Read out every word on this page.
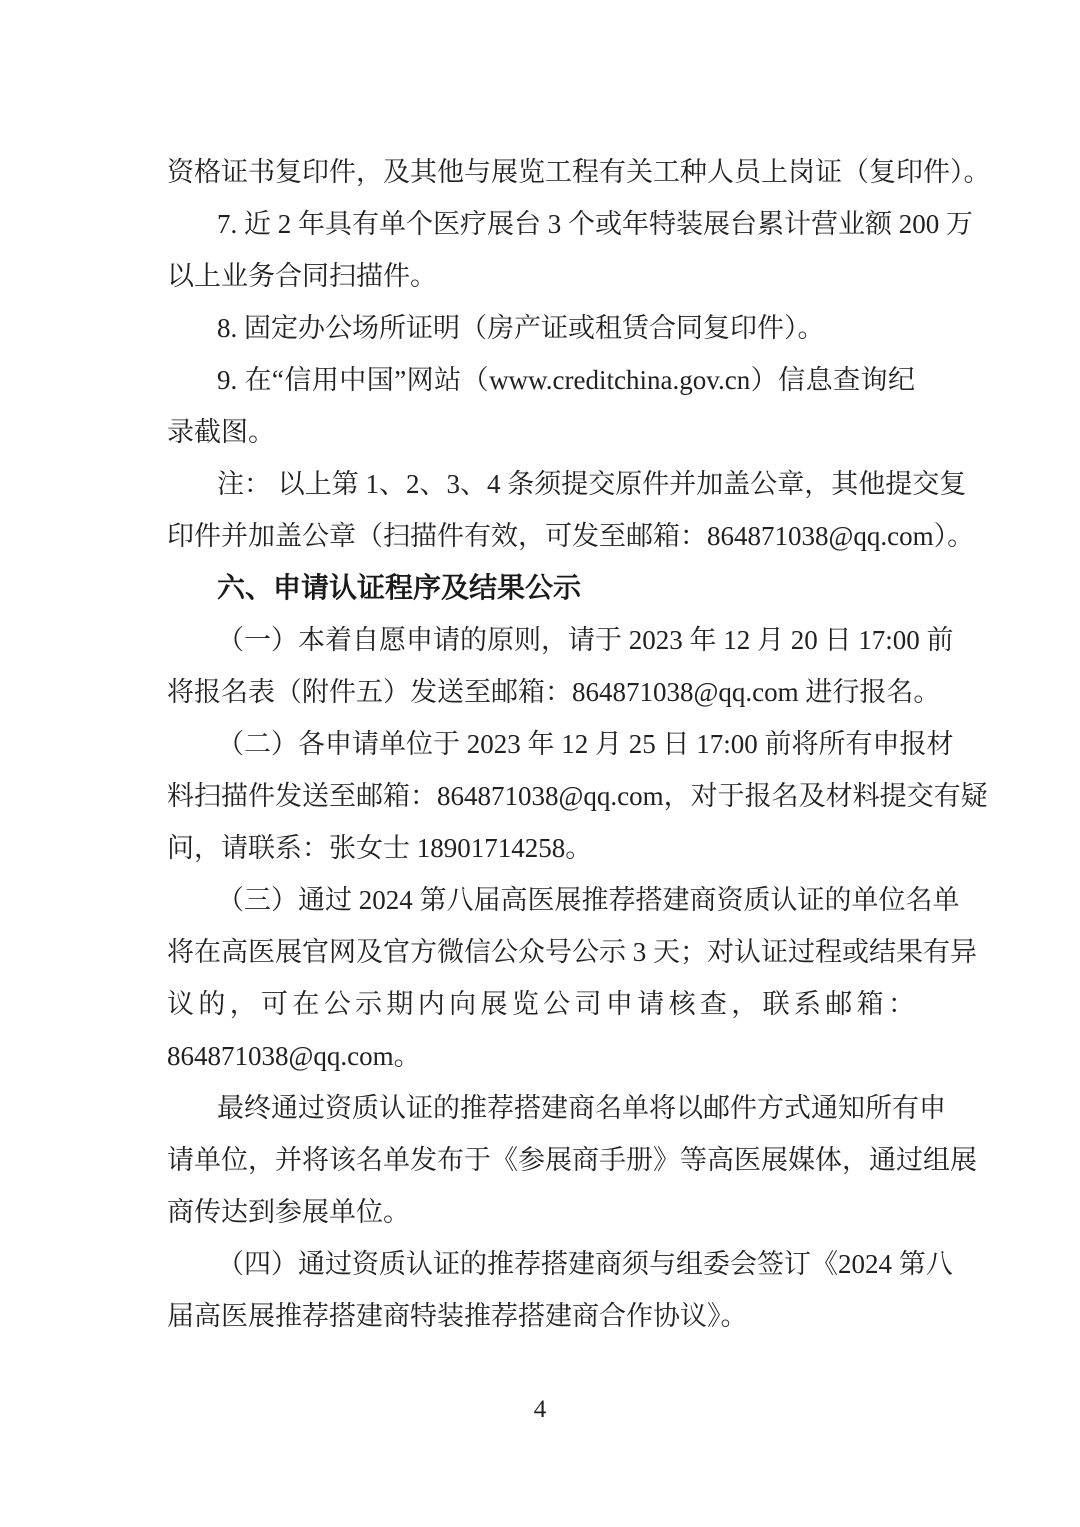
资格证书复印件，及其他与展览工程有关工种人员上岗证（复印件）。
7. 近 2 年具有单个医疗展台 3 个或年特装展台累计营业额 200 万
以上业务合同扫描件。
8. 固定办公场所证明（房产证或租赁合同复印件）。
9. 在“信用中国”网站（www.creditchina.gov.cn）信息查询纪
录截图。
注： 以上第 1、2、3、4 条须提交原件并加盖公章，其他提交复
印件并加盖公章（扫描件有效，可发至邮箱：864871038@qq.com）。
六、申请认证程序及结果公示
（一）本着自愿申请的原则，请于 2023 年 12 月 20 日 17:00 前
将报名表（附件五）发送至邮箱：864871038@qq.com 进行报名。
（二）各申请单位于 2023 年 12 月 25 日 17:00 前将所有申报材
料扫描件发送至邮箱：864871038@qq.com，对于报名及材料提交有疑
问，请联系：张女士 18901714258。
（三）通过 2024 第八届高医展推荐搭建商资质认证的单位名单
将在高医展官网及官方微信公众号公示 3 天；对认证过程或结果有异
议的，可在公示期内向展览公司申请核查，联系邮箱：
864871038@qq.com。
最终通过资质认证的推荐搭建商名单将以邮件方式通知所有申
请单位，并将该名单发布于《参展商手册》等高医展媒体，通过组展
商传达到参展单位。
（四）通过资质认证的推荐搭建商须与组委会签订《2024 第八
届高医展推荐搭建商特装推荐搭建商合作协议》。
4
